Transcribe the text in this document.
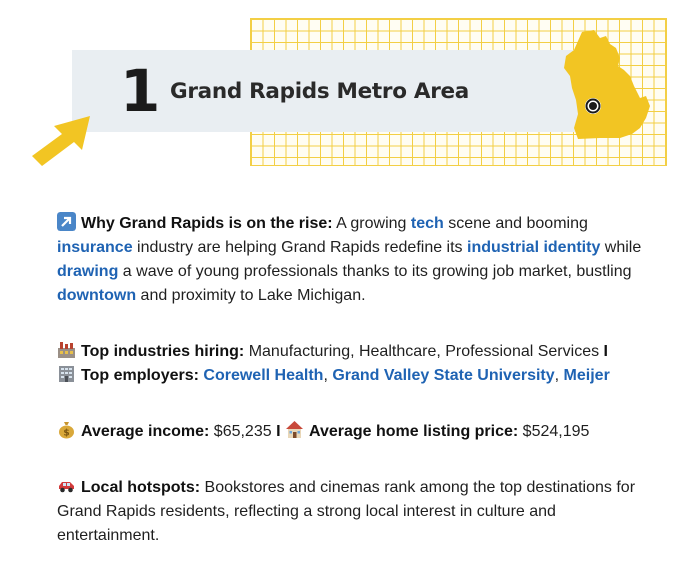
1 Grand Rapids Metro Area

Why Grand Rapids is on the rise: A growing tech scene and booming insurance industry are helping Grand Rapids redefine its industrial identity while drawing a wave of young professionals thanks to its growing job market, bustling downtown and proximity to Lake Michigan.

Top industries hiring: Manufacturing, Healthcare, Professional Services I
Top employers: Corewell Health, Grand Valley State University, Meijer

$ Average income: $65,235 I Average home listing price: $524,195

Local hotspots: Bookstores and cinemas rank among the top destinations for Grand Rapids residents, reflecting a strong local interest in culture and entertainment.
